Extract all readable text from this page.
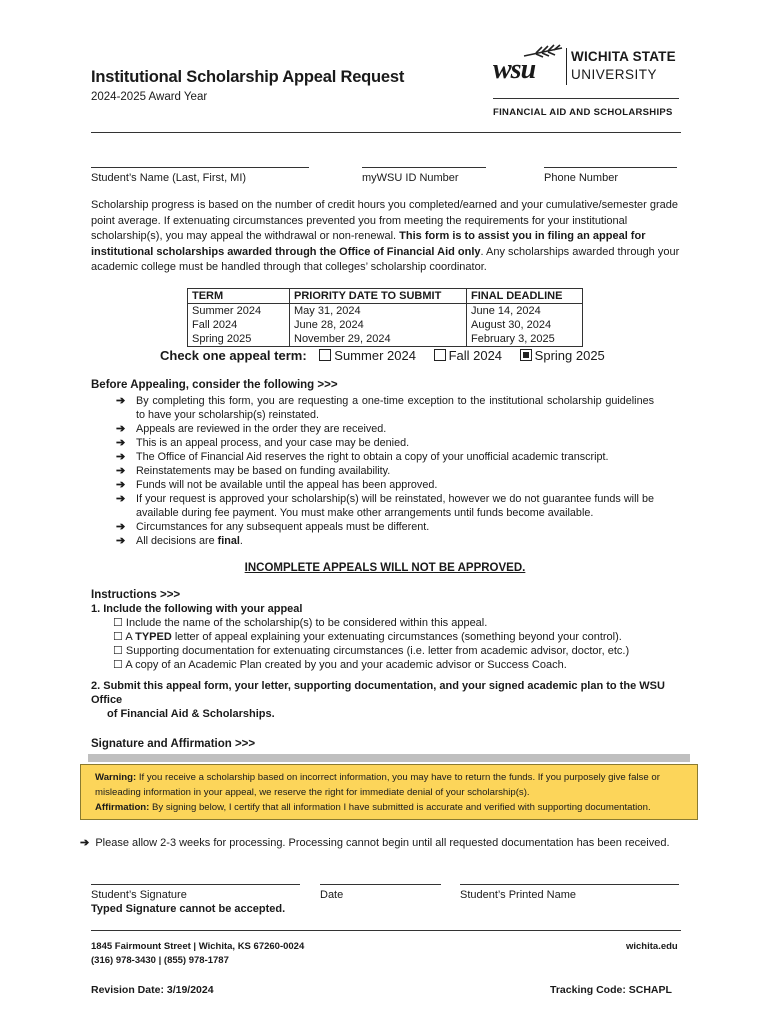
Institutional Scholarship Appeal Request
2024-2025 Award Year
wsu	WICHITA STATE
UNIVERSITY
FINANCIAL AID AND SCHOLARSHIPS
Student’s Name (Last, First, MI)	myWSU ID Number	Phone Number
Scholarship progress is based on the number of credit hours you completed/earned and your cumulative/semester grade point average. If extenuating circumstances prevented you from meeting the requirements for your institutional scholarship(s), you may appeal the withdrawal or non-renewal. This form is to assist you in filing an appeal for institutional scholarships awarded through the Office of Financial Aid only. Any scholarships awarded through your academic college must be handled through that colleges’ scholarship coordinator.
TERM	PRIORITY DATE TO SUBMIT	FINAL DEADLINE
Summer 2024	May 31, 2024	June 14, 2024
Fall 2024	June 28, 2024	August 30, 2024
Spring 2025	November 29, 2024	February 3, 2025
Check one appeal term: Summer 2024	Fall 2024	Spring 2025
Before Appealing, consider the following >>>
➔ By completing this form, you are requesting a one-time exception to the institutional scholarship guidelines to have your scholarship(s) reinstated.
➔ Appeals are reviewed in the order they are received.
➔ This is an appeal process, and your case may be denied.
➔ The Office of Financial Aid reserves the right to obtain a copy of your unofficial academic transcript.
➔ Reinstatements may be based on funding availability.
➔ Funds will not be available until the appeal has been approved.
➔ If your request is approved your scholarship(s) will be reinstated, however we do not guarantee funds will be available during fee payment. You must make other arrangements until funds become available.
➔ Circumstances for any subsequent appeals must be different.
➔ All decisions are final.
INCOMPLETE APPEALS WILL NOT BE APPROVED.
Instructions >>>
1. Include the following with your appeal
☐ Include the name of the scholarship(s) to be considered within this appeal.
☐ A TYPED letter of appeal explaining your extenuating circumstances (something beyond your control).
☐ Supporting documentation for extenuating circumstances (i.e. letter from academic advisor, doctor, etc.)
☐ A copy of an Academic Plan created by you and your academic advisor or Success Coach.
2. Submit this appeal form, your letter, supporting documentation, and your signed academic plan to the WSU Office
of Financial Aid & Scholarships.
Signature and Affirmation >>>
Warning: If you receive a scholarship based on incorrect information, you may have to return the funds. If you purposely give false or misleading information in your appeal, we reserve the right for immediate denial of your scholarship(s).
Affirmation: By signing below, I certify that all information I have submitted is accurate and verified with supporting documentation.
➔ Please allow 2-3 weeks for processing. Processing cannot begin until all requested documentation has been received.
Student’s Signature	Date	Student’s Printed Name
Typed Signature cannot be accepted.
1845 Fairmount Street | Wichita, KS 67260-0024
(316) 978-3430 | (855) 978-1787
wichita.edu
Revision Date: 3/19/2024	Tracking Code: SCHAPL
